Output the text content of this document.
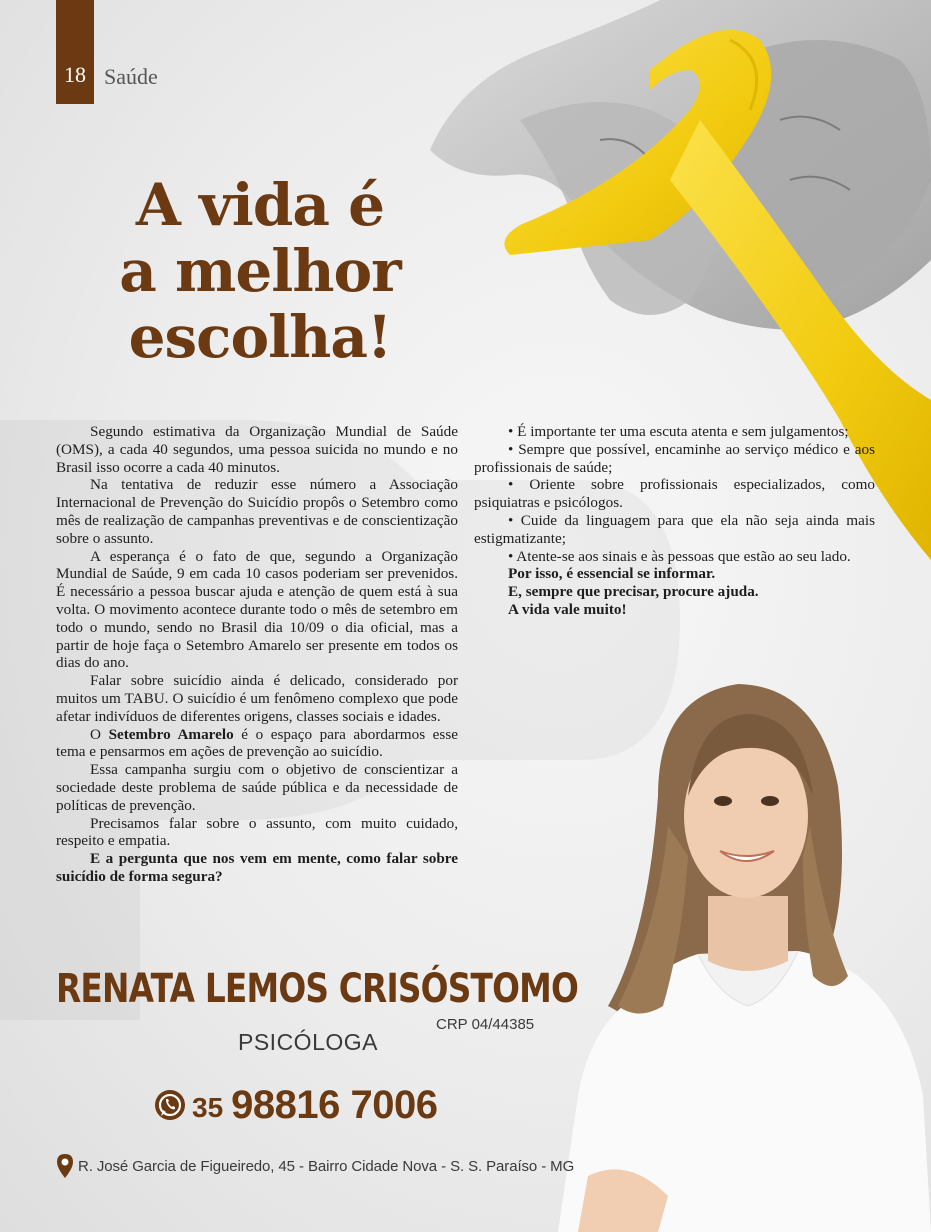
18 Saúde
A vida é
a melhor
escolha!

Segundo estimativa da Organização Mundial de Saúde (OMS), a cada 40 segundos, uma pessoa suicida no mundo e no Brasil isso ocorre a cada 40 minutos.

Na tentativa de reduzir esse número a Associação Internacional de Prevenção do Suicídio propôs o Setembro como mês de realização de campanhas preventivas e de conscientização sobre o assunto.

A esperança é o fato de que, segundo a Organização Mundial de Saúde, 9 em cada 10 casos poderiam ser prevenidos. É necessário a pessoa buscar ajuda e atenção de quem está à sua volta. O movimento acontece durante todo o mês de setembro em todo o mundo, sendo no Brasil dia 10/09 o dia oficial, mas a partir de hoje faça o Setembro Amarelo ser presente em todos os dias do ano.

Falar sobre suicídio ainda é delicado, considerado por muitos um TABU. O suicídio é um fenômeno complexo que pode afetar indivíduos de diferentes origens, classes sociais e idades.

O Setembro Amarelo é o espaço para abordarmos esse tema e pensarmos em ações de prevenção ao suicídio.

Essa campanha surgiu com o objetivo de conscientizar a sociedade deste problema de saúde pública e da necessidade de políticas de prevenção.

Precisamos falar sobre o assunto, com muito cuidado, respeito e empatia.

E a pergunta que nos vem em mente, como falar sobre suicídio de forma segura?

• É importante ter uma escuta atenta e sem julgamentos;

• Sempre que possível, encaminhe ao serviço médico e aos profissionais de saúde;

• Oriente sobre profissionais especializados, como psiquiatras e psicólogos.

• Cuide da linguagem para que ela não seja ainda mais estigmatizante;

• Atente-se aos sinais e às pessoas que estão ao seu lado.

Por isso, é essencial se informar.

E, sempre que precisar, procure ajuda.

A vida vale muito!

RENATA LEMOS CRISÓSTOMO
CRP 04/44385
PSICÓLOGA
35 98816 7006
R. José Garcia de Figueiredo, 45 - Bairro Cidade Nova - S. S. Paraíso - MG
